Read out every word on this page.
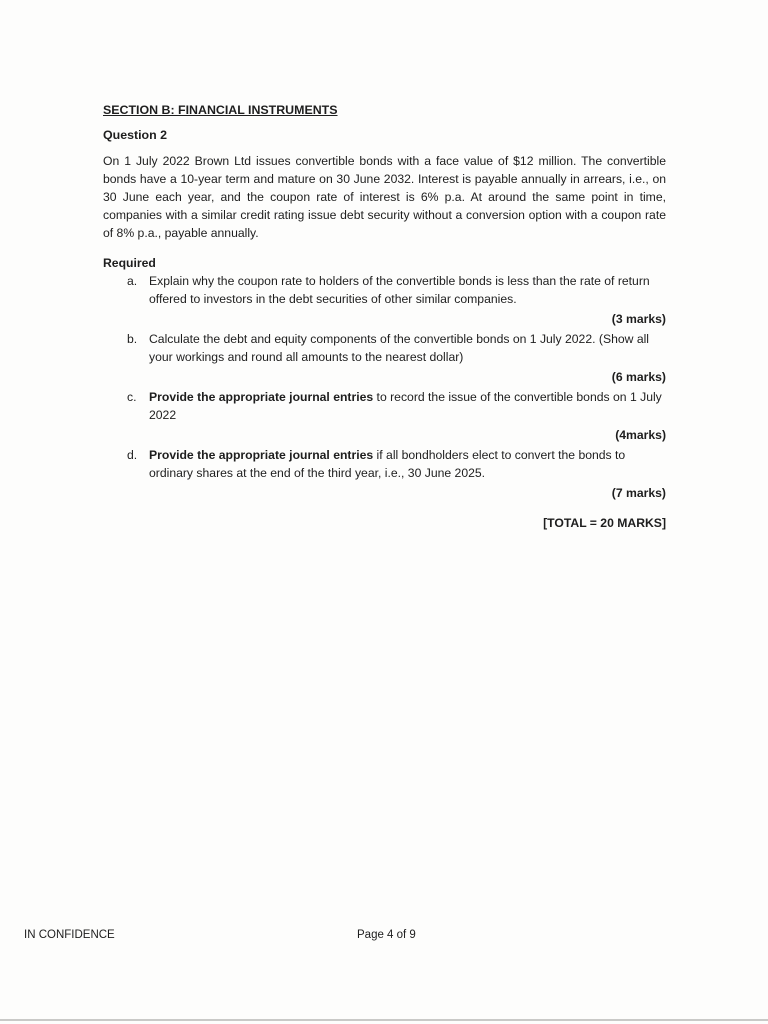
SECTION B: FINANCIAL INSTRUMENTS
Question 2

On 1 July 2022 Brown Ltd issues convertible bonds with a face value of $12 million. The convertible bonds have a 10-year term and mature on 30 June 2032. Interest is payable annually in arrears, i.e., on 30 June each year, and the coupon rate of interest is 6% p.a. At around the same point in time, companies with a similar credit rating issue debt security without a conversion option with a coupon rate of 8% p.a., payable annually.

Required
a. Explain why the coupon rate to holders of the convertible bonds is less than the rate of return offered to investors in the debt securities of other similar companies.
(3 marks)
b. Calculate the debt and equity components of the convertible bonds on 1 July 2022. (Show all your workings and round all amounts to the nearest dollar)
(6 marks)
c. Provide the appropriate journal entries to record the issue of the convertible bonds on 1 July 2022
(4marks)
d. Provide the appropriate journal entries if all bondholders elect to convert the bonds to ordinary shares at the end of the third year, i.e., 30 June 2025.
(7 marks)
[TOTAL = 20 MARKS]
IN CONFIDENCE	Page 4 of 9
